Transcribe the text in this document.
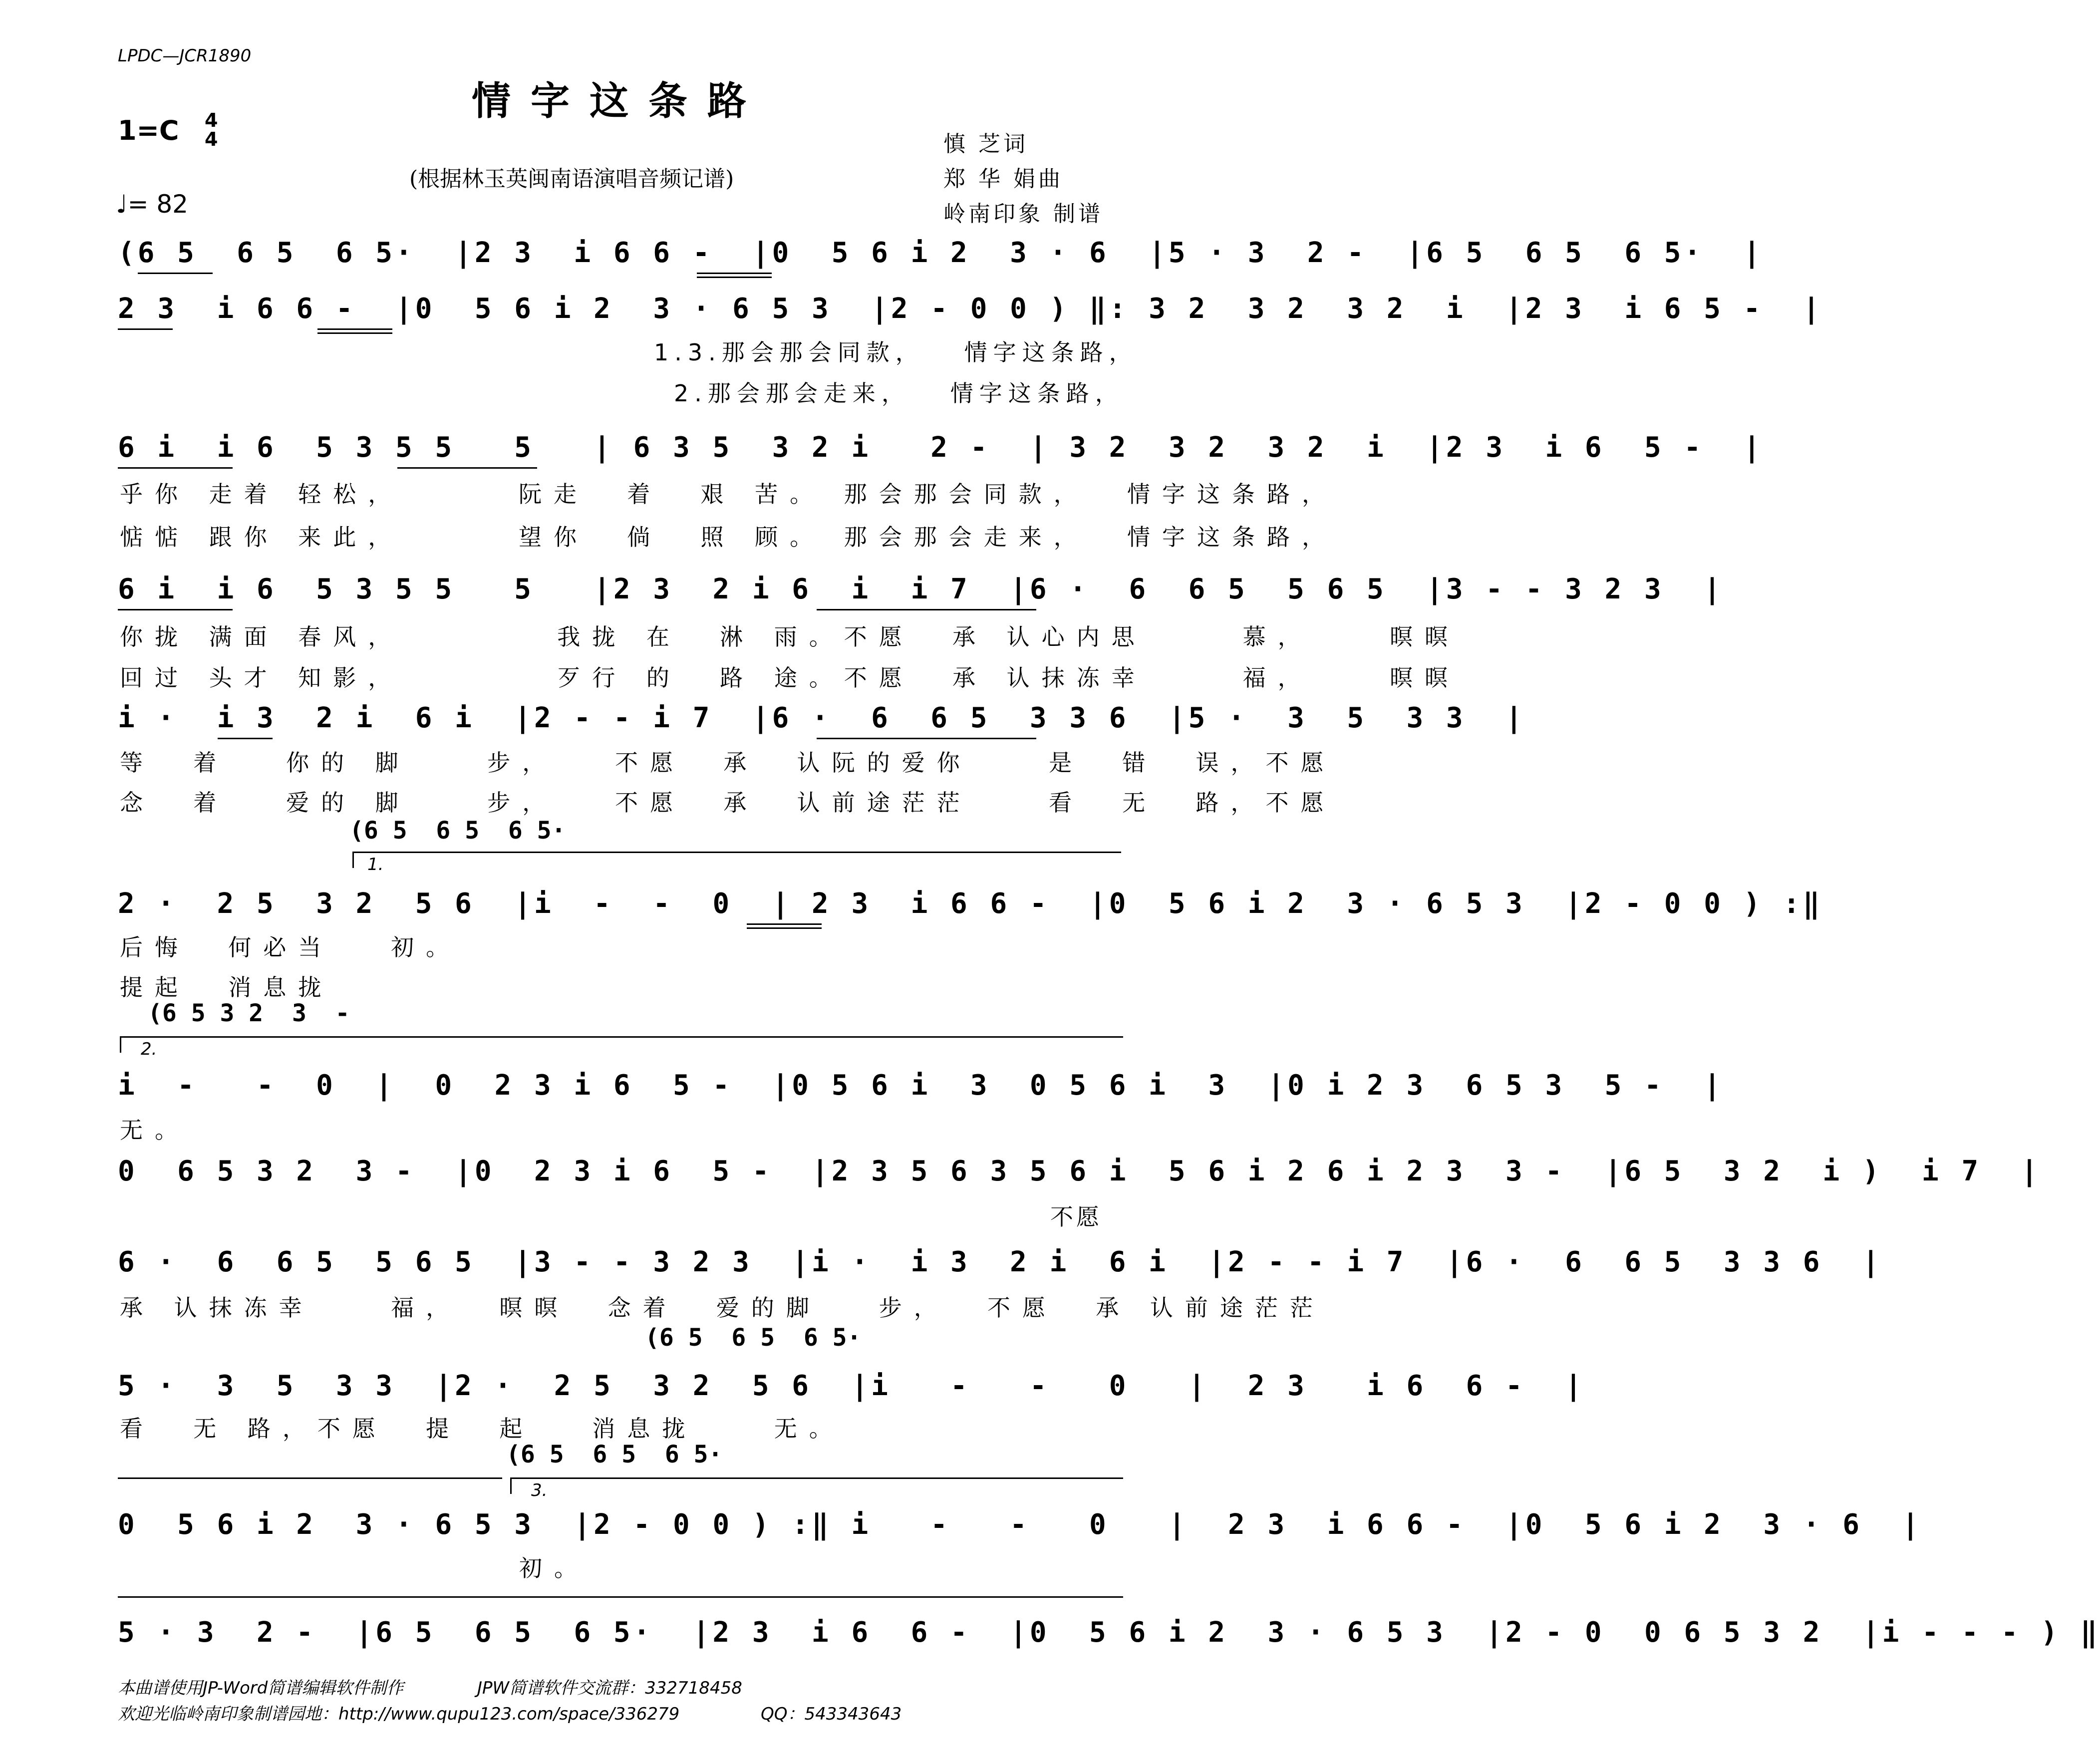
LPDC—JCR1890
情字这条路
1=C 4
4
♩= 82
(根据林玉英闽南语演唱音频记谱)
慎 芝词
郑 华 娟曲
岭南印象 制谱
(6 5  6 5  6 5·  |2 3  i 6 6 -  |0  5 6 i 2  3 · 6  |5 · 3  2 -  |6 5  6 5  6 5·  |
2 3  i 6 6 -  |0  5 6 i 2  3 · 6 5 3  |2 - 0 0 ) ‖: 3 2  3 2  3 2  i  |2 3  i 6 5 -  |
1.3.那会那会同款，   情字这条路，
2.那会那会走来，   情字这条路，
6 i  i 6  5 3 5 5   5   | 6 3 5  3 2 i   2 -  | 3 2  3 2  3 2  i  |2 3  i 6  5 -  |
乎你 走着 轻松，      阮走  着  艰 苦。 那会那会同款，  情字这条路，
惦惦 跟你 来此，      望你  倘  照 顾。 那会那会走来，  情字这条路，
6 i  i 6  5 3 5 5   5   |2 3  2 i 6  i  i 7  |6 ·  6  6 5  5 6 5  |3 - - 3 2 3  |
你拢 满面 春风，        我拢 在  淋 雨。不愿  承 认心内思     慕，    暝暝
回过 头才 知影，        歹行 的  路 途。不愿  承 认抹冻幸     福，    暝暝
i ·  i 3  2 i  6 i  |2 - - i 7  |6 ·  6  6 5  3 3 6  |5 ·  3  5  3 3  |
等  着   你的 脚    步，   不愿  承  认阮的爱你    是  错  误，不愿
念  着   爱的 脚    步，   不愿  承  认前途茫茫    看  无  路，不愿
(6 5  6 5  6 5·
1.
2 ·  2 5  3 2  5 6  |i  -  -  0  | 2 3  i 6 6 -  |0  5 6 i 2  3 · 6 5 3  |2 - 0 0 ) :‖
后悔  何必当   初。
提起  消息拢
(6 5 3 2  3  -
2.
i  -   -  0  |  0  2 3 i 6  5 -  |0 5 6 i  3  0 5 6 i  3  |0 i 2 3  6 5 3  5 -  |
无。
0  6 5 3 2  3 -  |0  2 3 i 6  5 -  |2 3 5 6 3 5 6 i  5 6 i 2 6 i 2 3  3 -  |6 5  3 2  i )  i 7  |
不愿
6 ·  6  6 5  5 6 5  |3 - - 3 2 3  |i ·  i 3  2 i  6 i  |2 - - i 7  |6 ·  6  6 5  3 3 6  |
承 认抹冻幸    福，  暝暝  念着  爱的脚   步，  不愿  承 认前途茫茫
(6 5  6 5  6 5·
5 ·  3  5  3 3  |2 ·  2 5  3 2  5 6  |i   -   -   0   |  2 3   i 6  6 -  |
看  无 路，不愿  提  起   消息拢    无。
(6 5  6 5  6 5·
3.
0  5 6 i 2  3 · 6 5 3  |2 - 0 0 ) :‖ i   -   -   0   |  2 3  i 6 6 -  |0  5 6 i 2  3 · 6  |
初。
5 · 3  2 -  |6 5  6 5  6 5·  |2 3  i 6  6 -  |0  5 6 i 2  3 · 6 5 3  |2 - 0  0 6 5 3 2  |i - - - ) ‖
本曲谱使用JP-Word简谱编辑软件制作	JPW简谱软件交流群：332718458
欢迎光临岭南印象制谱园地：http://www.qupu123.com/space/336279	QQ：543343643
